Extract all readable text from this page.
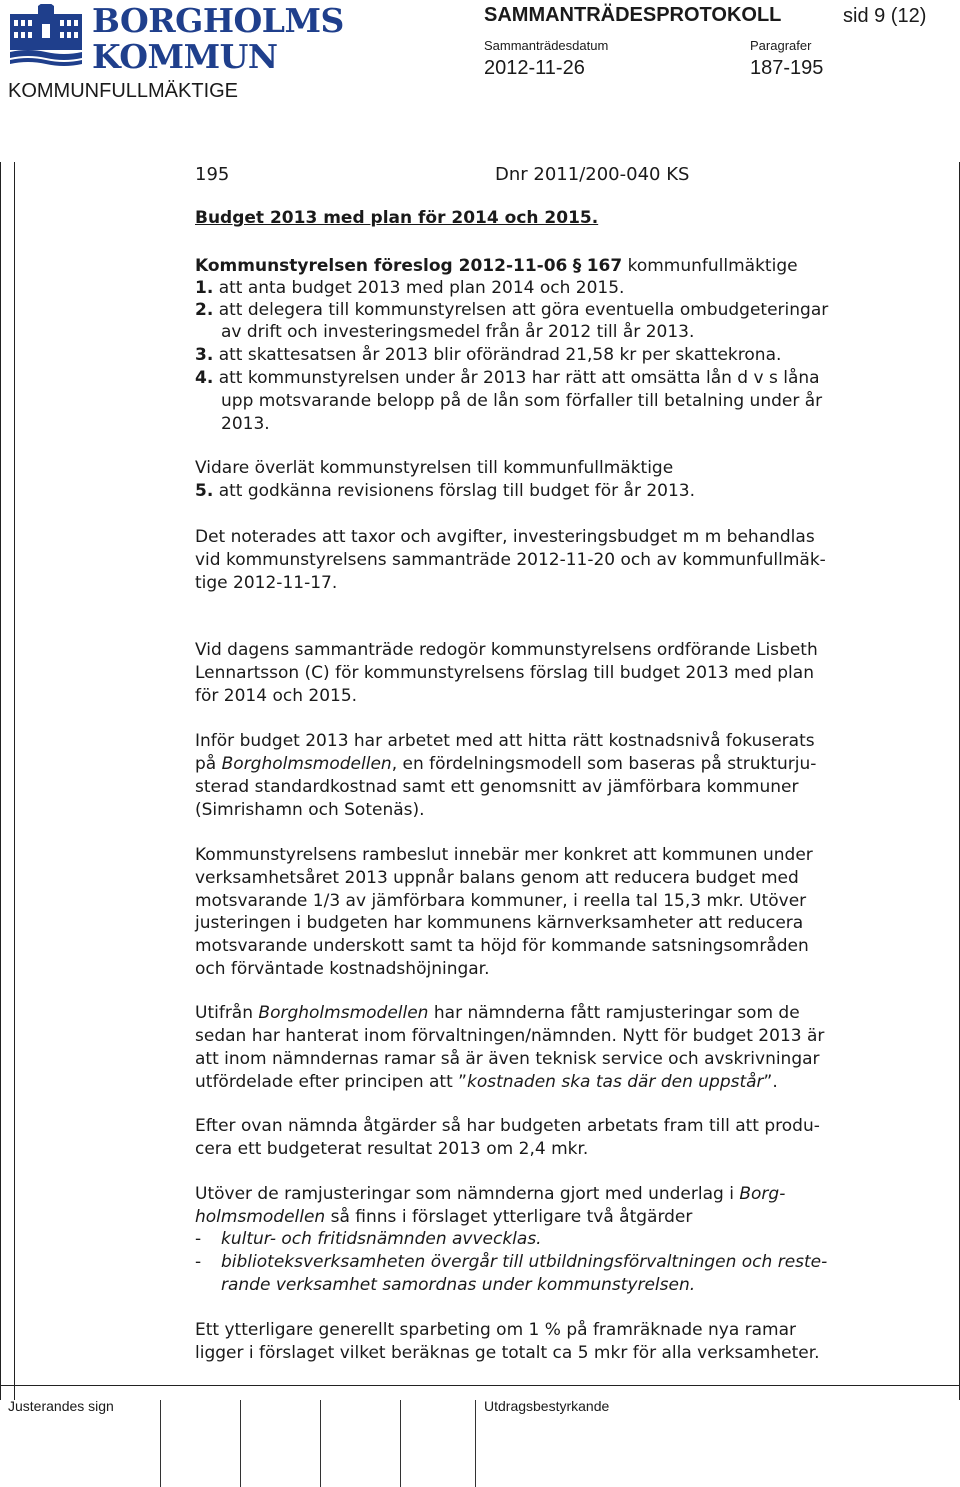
BORGHOLMS
KOMMUN
KOMMUNFULLMÄKTIGE
SAMMANTRÄDESPROTOKOLL	sid 9 (12)
Sammanträdesdatum
2012-11-26
Paragrafer
187-195
195	Dnr 2011/200-040 KS
Budget 2013 med plan för 2014 och 2015.
Kommunstyrelsen föreslog 2012-11-06 § 167 kommunfullmäktige
1. att anta budget 2013 med plan 2014 och 2015.
2. att delegera till kommunstyrelsen att göra eventuella ombudgeteringar
av drift och investeringsmedel från år 2012 till år 2013.
3. att skattesatsen år 2013 blir oförändrad 21,58 kr per skattekrona.
4. att kommunstyrelsen under år 2013 har rätt att omsätta lån d v s låna
upp motsvarande belopp på de lån som förfaller till betalning under år
2013.
Vidare överlät kommunstyrelsen till kommunfullmäktige
5. att godkänna revisionens förslag till budget för år 2013.
Det noterades att taxor och avgifter, investeringsbudget m m behandlas
vid kommunstyrelsens sammanträde 2012-11-20 och av kommunfullmäk-
tige 2012-11-17.
Vid dagens sammanträde redogör kommunstyrelsens ordförande Lisbeth
Lennartsson (C) för kommunstyrelsens förslag till budget 2013 med plan
för 2014 och 2015.
Inför budget 2013 har arbetet med att hitta rätt kostnadsnivå fokuserats
på Borgholmsmodellen, en fördelningsmodell som baseras på strukturju-
sterad standardkostnad samt ett genomsnitt av jämförbara kommuner
(Simrishamn och Sotenäs).
Kommunstyrelsens rambeslut innebär mer konkret att kommunen under
verksamhetsåret 2013 uppnår balans genom att reducera budget med
motsvarande 1/3 av jämförbara kommuner, i reella tal 15,3 mkr. Utöver
justeringen i budgeten har kommunens kärnverksamheter att reducera
motsvarande underskott samt ta höjd för kommande satsningsområden
och förväntade kostnadshöjningar.
Utifrån Borgholmsmodellen har nämnderna fått ramjusteringar som de
sedan har hanterat inom förvaltningen/nämnden. Nytt för budget 2013 är
att inom nämndernas ramar så är även teknisk service och avskrivningar
utfördelade efter principen att ”kostnaden ska tas där den uppstår”.
Efter ovan nämnda åtgärder så har budgeten arbetats fram till att produ-
cera ett budgeterat resultat 2013 om 2,4 mkr.
Utöver de ramjusteringar som nämnderna gjort med underlag i Borg-
holmsmodellen så finns i förslaget ytterligare två åtgärder
- kultur- och fritidsnämnden avvecklas.
- biblioteksverksamheten övergår till utbildningsförvaltningen och reste-
rande verksamhet samordnas under kommunstyrelsen.
Ett ytterligare generellt sparbeting om 1 % på framräknade nya ramar
ligger i förslaget vilket beräknas ge totalt ca 5 mkr för alla verksamheter.
Justerandes sign	Utdragsbestyrkande
